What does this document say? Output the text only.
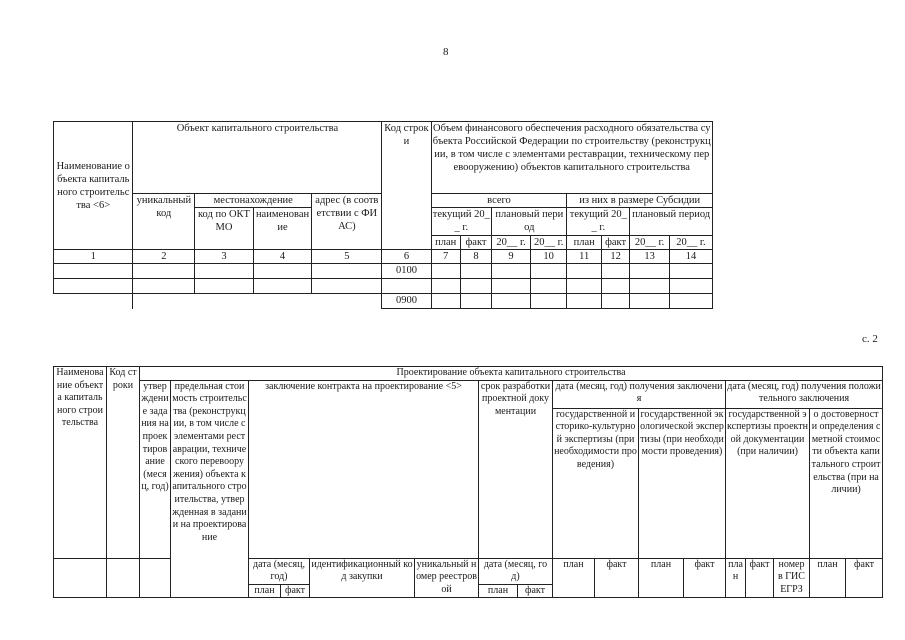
8
Наименование объекта капитального строительства <6>	Объект капитального строительства				Код строки	Объем финансового обеспечения расходного обязательства субъекта Российской Федерации по строительству (реконструкции, в том числе с элементами реставрации, техническому перевооружению) объектов капитального строительства							
	уникальный код	местонахождение		адрес (в соответствии с ФИАС)		всего				из них в размере Субсидии			
		код по ОКТМО	наименование			текущий 20__ г.		плановый период		текущий 20__ г.		плановый период	
						план	факт	20__ г.	20__ г.	план	факт	20__ г.	20__ г.
1	2	3	4	5	6	7	8	9	10	11	12	13	14
					0100								

					0900								
с. 2
Наименование объекта капитального строительства	Код строки	Проектирование объекта капитального строительства																
		утверждение задания на проектирование (месяц, год)	предельная стоимость строительства (реконструкции, в том числе с элементами реставрации, технического перевооружения) объекта капитального строительства, утвержденная в задании на проектирование	заключение контракта на проектирование <5>				срок разработки проектной документации		дата (месяц, год) получения заключения				дата (месяц, год) получения положительного заключения				
										государственной историко-культурной экспертизы (при необходимости проведения)		государственной экологической экспертизы (при необходимости проведения)		государственной экспертизы проектной документации (при наличии)			о достоверности определения сметной стоимости объекта капитального строительства (при наличии)	

				дата (месяц, год)		идентификационный код закупки	уникальный номер реестровой	дата (месяц, год)		план	факт	план	факт	план	факт	номер в ГИС ЕГРЗ	план	факт
				план	факт			план	факт									
